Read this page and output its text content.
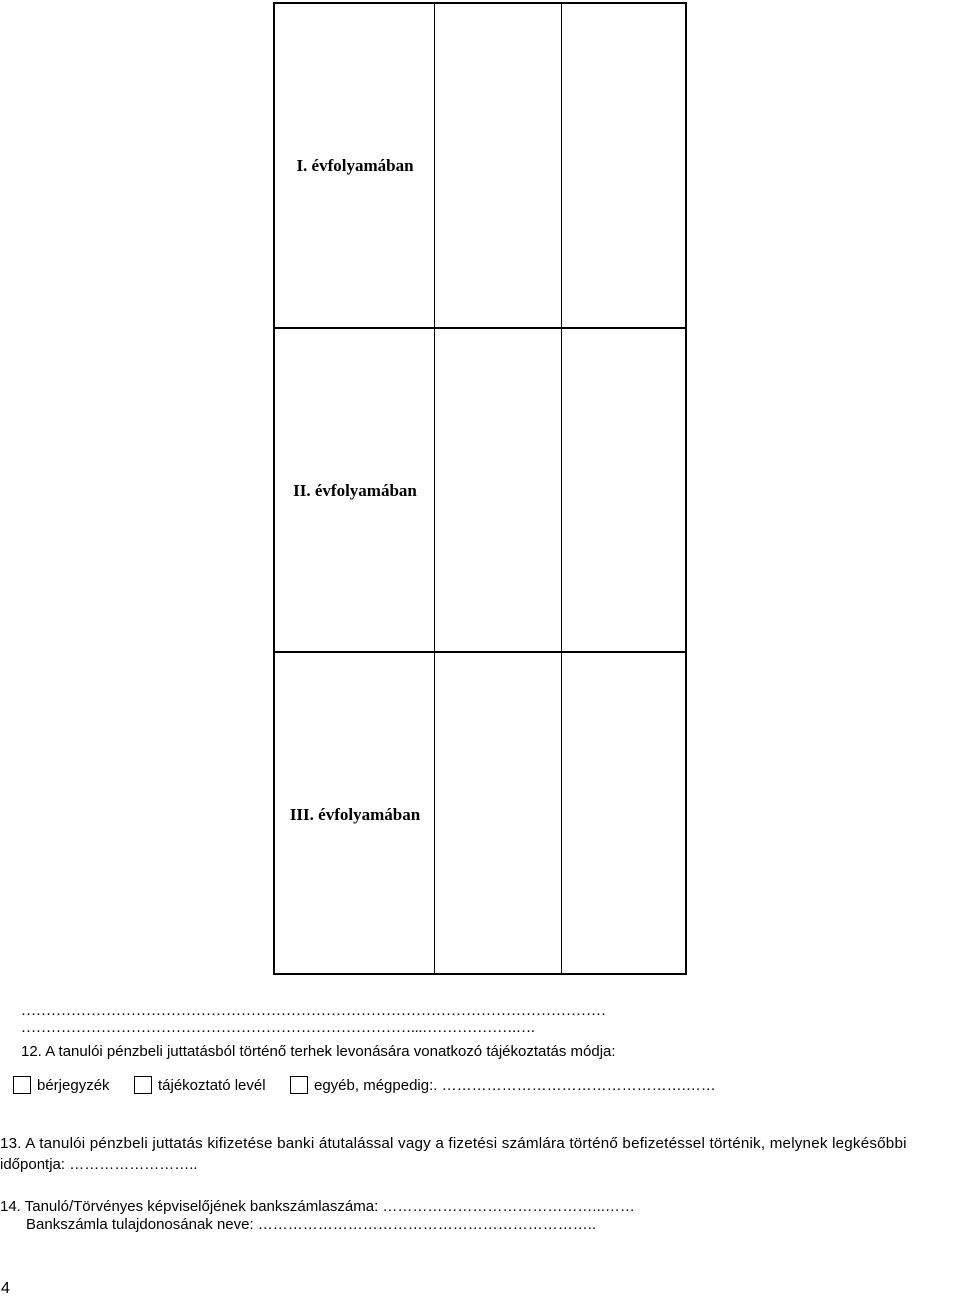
I. évfolyamában
II. évfolyamában
III. évfolyamában
………………………………………………………………………………………………………
……………………………………………………………………...……………….….
12. A tanulói pénzbeli juttatásból történő terhek levonására vonatkozó tájékoztatás módja:
bérjegyzék	tájékoztató levél	egyéb, mégpedig:. ………………………………………….……
13. A tanulói pénzbeli juttatás kifizetése banki átutalással vagy a fizetési számlára történő befizetéssel történik, melynek legkésőbbi
időpontja: ……………………..
14. Tanuló/Törvényes képviselőjének bankszámlaszáma: ……………………………………...……
Bankszámla tulajdonosának neve: …………………………………………………………..
4
